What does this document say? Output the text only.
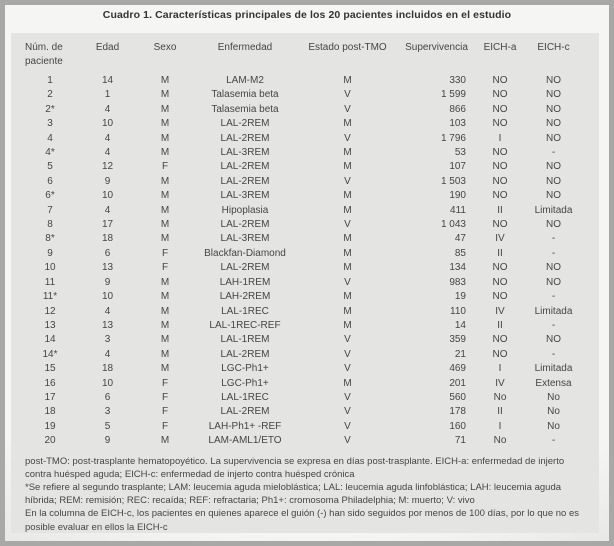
Cuadro 1. Características principales de los 20 pacientes incluidos en el estudio
Núm. de paciente	Edad	Sexo	Enfermedad	Estado post-TMO	Supervivencia	EICH-a	EICH-c
1	14	M	LAM-M2	M	330	NO	NO
2	1	M	Talasemia beta	V	1 599	NO	NO
2*	4	M	Talasemia beta	V	866	NO	NO
3	10	M	LAL-2REM	M	103	NO	NO
4	4	M	LAL-2REM	V	1 796	I	NO
4*	4	M	LAL-3REM	M	53	NO	-
5	12	F	LAL-2REM	M	107	NO	NO
6	9	M	LAL-2REM	V	1 503	NO	NO
6*	10	M	LAL-3REM	M	190	NO	NO
7	4	M	Hipoplasia	M	411	II	Limitada
8	17	M	LAL-2REM	V	1 043	NO	NO
8*	18	M	LAL-3REM	M	47	IV	-
9	6	F	Blackfan-Diamond	M	85	II	-
10	13	F	LAL-2REM	M	134	NO	NO
11	9	M	LAH-1REM	V	983	NO	NO
11*	10	M	LAH-2REM	M	19	NO	-
12	4	M	LAL-1REC	M	110	IV	Limitada
13	13	M	LAL-1REC-REF	M	14	II	-
14	3	M	LAL-1REM	V	359	NO	NO
14*	4	M	LAL-2REM	V	21	NO	-
15	18	M	LGC-Ph1+	V	469	I	Limitada
16	10	F	LGC-Ph1+	M	201	IV	Extensa
17	6	F	LAL-1REC	V	560	No	No
18	3	F	LAL-2REM	V	178	II	No
19	5	F	LAH-Ph1+ -REF	V	160	I	No
20	9	M	LAM-AML1/ETO	V	71	No	-

post-TMO: post-trasplante hematopoyético. La supervivencia se expresa en días post-trasplante. EICH-a: enfermedad de injerto contra huésped aguda; EICH-c: enfermedad de injerto contra huésped crónica

*Se refiere al segundo trasplante; LAM: leucemia aguda mieloblástica; LAL: leucemia aguda linfoblástica; LAH: leucemia aguda híbrida; REM: remisión; REC: recaída; REF: refractaria; Ph1+: cromosoma Philadelphia; M: muerto; V: vivo

En la columna de EICH-c, los pacientes en quienes aparece el guión (-) han sido seguidos por menos de 100 días, por lo que no es posible evaluar en ellos la EICH-c
